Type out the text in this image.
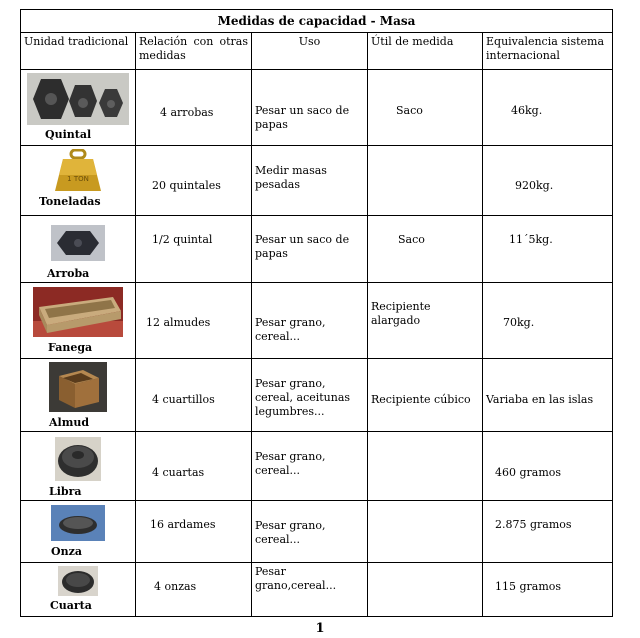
Medidas de capacidad - Masa				

Unidad tradicional	Relación con otras medidas	Uso	Útil de medida	Equivalencia sistema internacional

Quintal	4 arrobas	Pesar un saco de papas	Saco	46kg.

1 TON
Toneladas	20 quintales	Medir masas pesadas		920kg.

Arroba	1/2 quintal	Pesar un saco de papas	Saco	11´5kg.

Fanega	12 almudes	Pesar grano, cereal...	Recipiente alargado	70kg.

Almud	4 cuartillos	Pesar grano, cereal, aceitunas legumbres...	Recipiente cúbico	Variaba en las islas

Libra	4 cuartas	Pesar grano, cereal...		460 gramos

Onza	16 ardames	Pesar grano, cereal...		2.875 gramos

Cuarta	4 onzas	Pesar grano,cereal...		115 gramos
1
